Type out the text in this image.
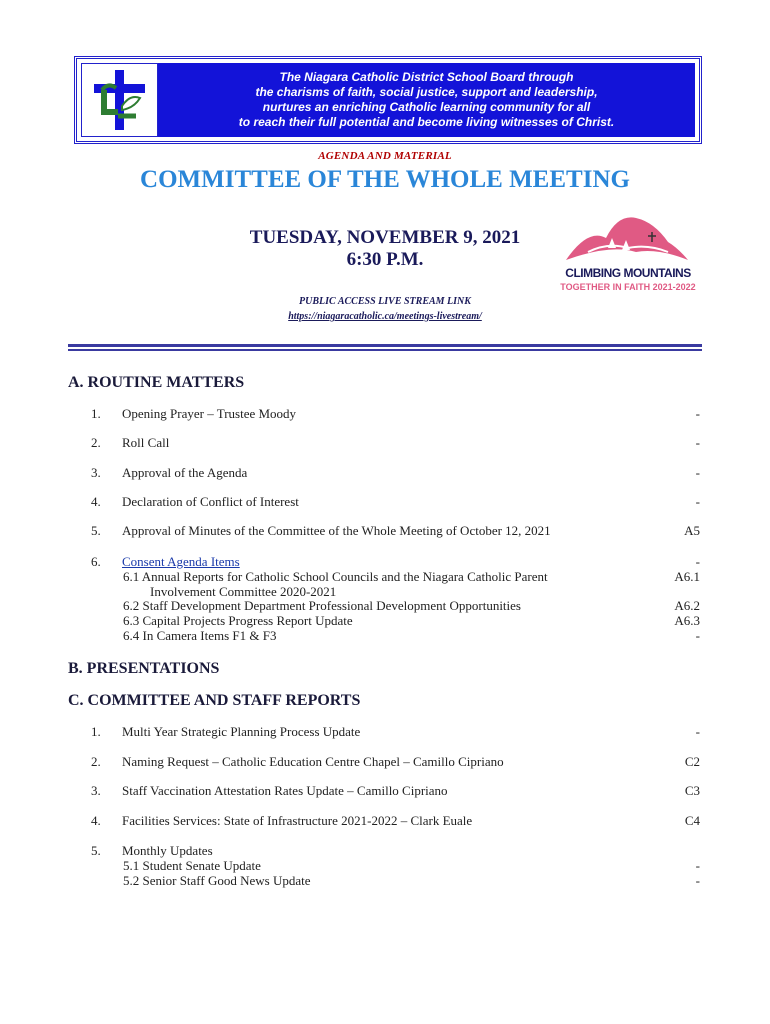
The Niagara Catholic District School Board through
the charisms of faith, social justice, support and leadership,
nurtures an enriching Catholic learning community for all
to reach their full potential and become living witnesses of Christ.
AGENDA AND MATERIAL
COMMITTEE OF THE WHOLE MEETING
TUESDAY, NOVEMBER 9, 2021
6:30 P.M.
CLIMBING MOUNTAINS
TOGETHER IN FAITH 2021-2022
PUBLIC ACCESS LIVE STREAM LINK
https://niagaracatholic.ca/meetings-livestream/
A. ROUTINE MATTERS
1. Opening Prayer – Trustee Moody	-
2. Roll Call	-
3. Approval of the Agenda	-
4. Declaration of Conflict of Interest	-
5. Approval of Minutes of the Committee of the Whole Meeting of October 12, 2021	A5
6. Consent Agenda Items	-
6.1 Annual Reports for Catholic School Councils and the Niagara Catholic Parent	A6.1
Involvement Committee 2020-2021
6.2 Staff Development Department Professional Development Opportunities	A6.2
6.3 Capital Projects Progress Report Update	A6.3
6.4 In Camera Items F1 & F3	-
B. PRESENTATIONS
C. COMMITTEE AND STAFF REPORTS
1. Multi Year Strategic Planning Process Update	-
2. Naming Request – Catholic Education Centre Chapel – Camillo Cipriano	C2
3. Staff Vaccination Attestation Rates Update – Camillo Cipriano	C3
4. Facilities Services: State of Infrastructure 2021-2022 – Clark Euale	C4
5. Monthly Updates
5.1 Student Senate Update	-
5.2 Senior Staff Good News Update	-
